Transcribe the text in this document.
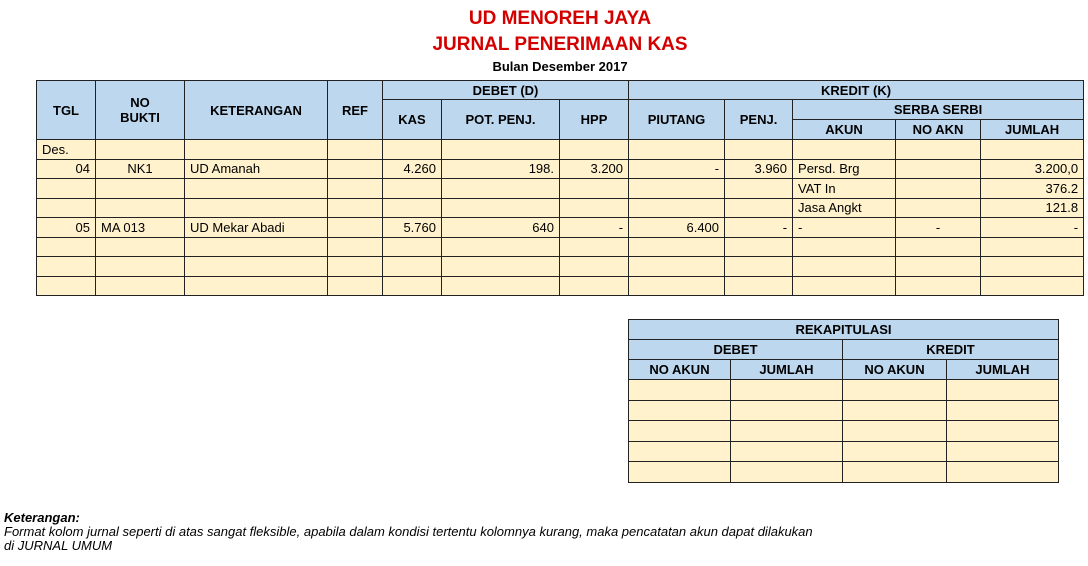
UD MENOREH JAYA
JURNAL PENERIMAAN KAS
Bulan Desember 2017
TGL	NO BUKTI	KETERANGAN	REF	DEBET (D)			KREDIT (K)				
				KAS	POT. PENJ.	HPP	PIUTANG	PENJ.	SERBA SERBI		
									AKUN	NO AKN	JUMLAH
Des.											
04	NK1	UD Amanah		4.260	198.	3.200	-	3.960	Persd. Brg		3.200,0
									VAT In		376.2
									Jasa Angkt		121.8
05	MA 013	UD Mekar Abadi		5.760	640	-	6.400	-	-	-	-

REKAPITULASI			
DEBET		KREDIT	
NO AKUN	JUMLAH	NO AKUN	JUMLAH

Keterangan:
Format kolom jurnal seperti di atas sangat fleksible, apabila dalam kondisi tertentu kolomnya kurang, maka pencatatan akun dapat dilakukan
di JURNAL UMUM
